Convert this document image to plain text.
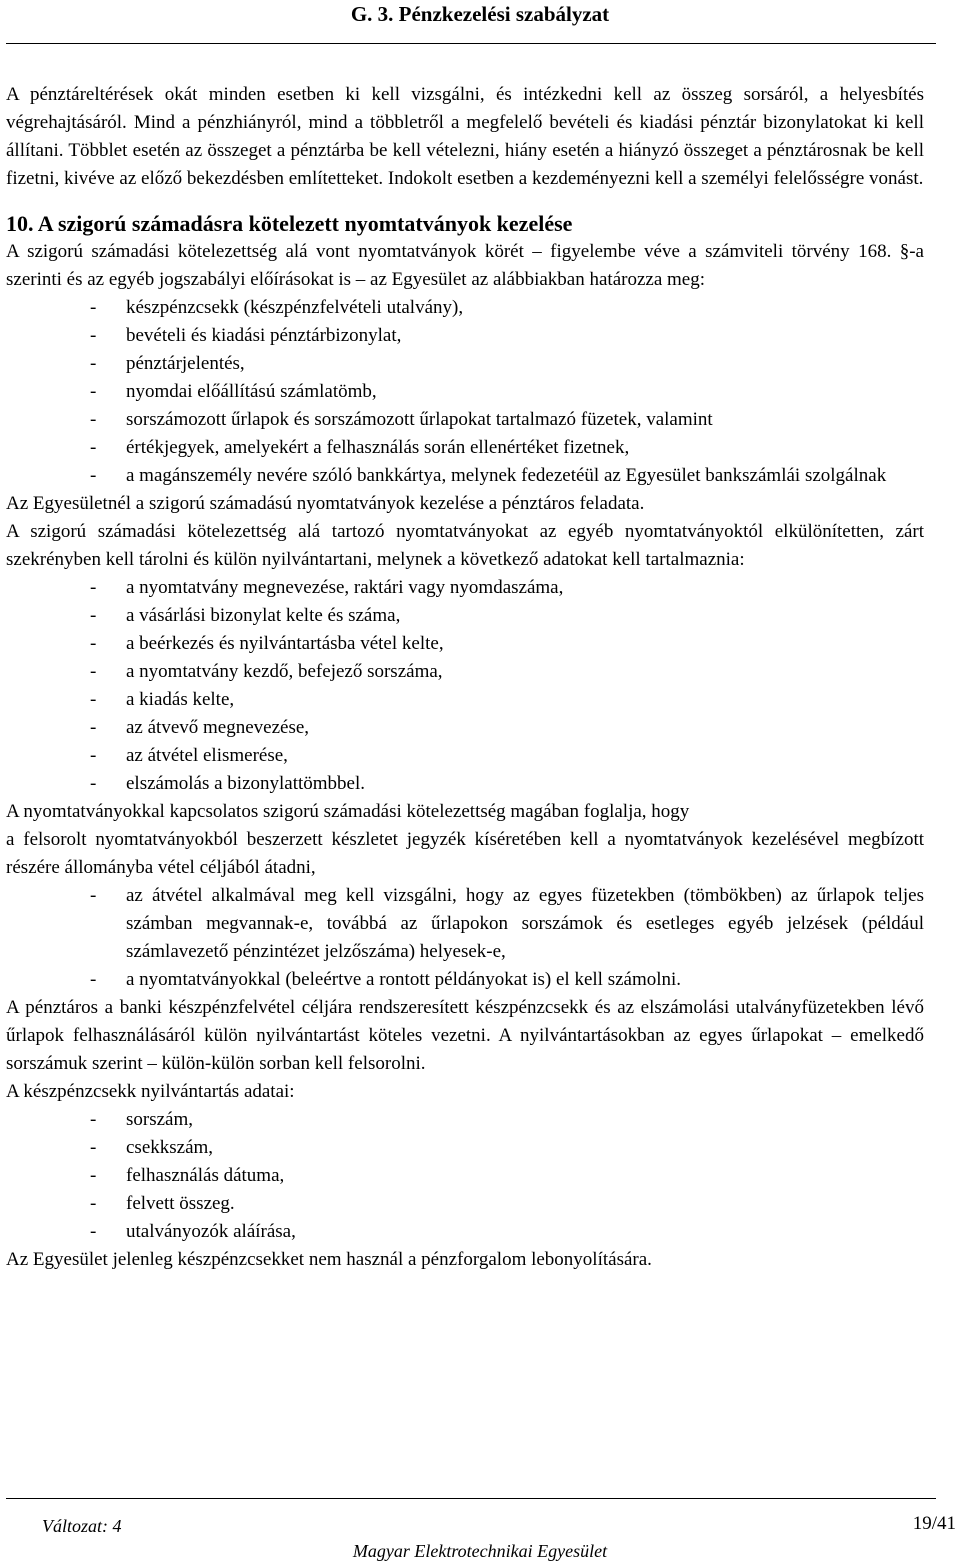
G. 3. Pénzkezelési szabályzat

A pénztáreltérések okát minden esetben ki kell vizsgálni, és intézkedni kell az összeg sorsáról, a helyesbítés végrehajtásáról. Mind a pénzhiányról, mind a többletről a megfelelő bevételi és kiadási pénztár bizonylatokat ki kell állítani. Többlet esetén az összeget a pénztárba be kell vételezni, hiány esetén a hiányzó összeget a pénztárosnak be kell fizetni, kivéve az előző bekezdésben említetteket. Indokolt esetben a kezdeményezni kell a személyi felelősségre vonást.

10. A szigorú számadásra kötelezett nyomtatványok kezelése

A szigorú számadási kötelezettség alá vont nyomtatványok körét – figyelembe véve a számviteli törvény 168. §-a szerinti és az egyéb jogszabályi előírásokat is – az Egyesület az alábbiakban határozza meg:

- készpénzcsekk (készpénzfelvételi utalvány),
- bevételi és kiadási pénztárbizonylat,
- pénztárjelentés,
- nyomdai előállítású számlatömb,
- sorszámozott űrlapok és sorszámozott űrlapokat tartalmazó füzetek, valamint
- értékjegyek, amelyekért a felhasználás során ellenértéket fizetnek,
- a magánszemély nevére szóló bankkártya, melynek fedezetéül az Egyesület bankszámlái szolgálnak

Az Egyesületnél a szigorú számadású nyomtatványok kezelése a pénztáros feladata.

A szigorú számadási kötelezettség alá tartozó nyomtatványokat az egyéb nyomtatványoktól elkülönítetten, zárt szekrényben kell tárolni és külön nyilvántartani, melynek a következő adatokat kell tartalmaznia:

- a nyomtatvány megnevezése, raktári vagy nyomdaszáma,
- a vásárlási bizonylat kelte és száma,
- a beérkezés és nyilvántartásba vétel kelte,
- a nyomtatvány kezdő, befejező sorszáma,
- a kiadás kelte,
- az átvevő megnevezése,
- az átvétel elismerése,
- elszámolás a bizonylattömbbel.

A nyomtatványokkal kapcsolatos szigorú számadási kötelezettség magában foglalja, hogy

a felsorolt nyomtatványokból beszerzett készletet jegyzék kíséretében kell a nyomtatványok kezelésével megbízott részére állományba vétel céljából átadni,

- az átvétel alkalmával meg kell vizsgálni, hogy az egyes füzetekben (tömbökben) az űrlapok teljes számban megvannak-e, továbbá az űrlapokon sorszámok és esetleges egyéb jelzések (például számlavezető pénzintézet jelzőszáma) helyesek-e,
- a nyomtatványokkal (beleértve a rontott példányokat is) el kell számolni.

A pénztáros a banki készpénzfelvétel céljára rendszeresített készpénzcsekk és az elszámolási utalványfüzetekben lévő űrlapok felhasználásáról külön nyilvántartást köteles vezetni. A nyilvántartásokban az egyes űrlapokat – emelkedő sorszámuk szerint – külön-külön sorban kell felsorolni.

A készpénzcsekk nyilvántartás adatai:

- sorszám,
- csekkszám,
- felhasználás dátuma,
- felvett összeg.
- utalványozók aláírása,

Az Egyesület jelenleg készpénzcsekket nem használ a pénzforgalom lebonyolítására.

Változat: 4	19/41
Magyar Elektrotechnikai Egyesület
